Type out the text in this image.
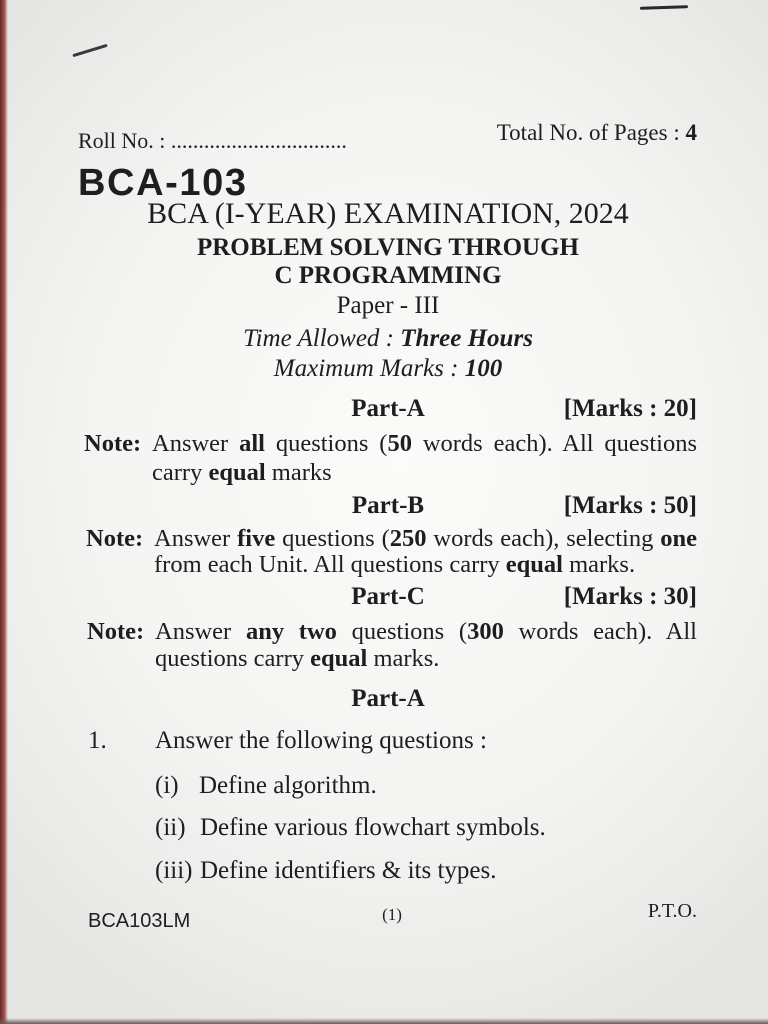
Roll No. : ................................	Total No. of Pages : 4
BCA-103
BCA (I-YEAR) EXAMINATION, 2024
PROBLEM SOLVING THROUGH
C PROGRAMMING
Paper - III
Time Allowed : Three Hours
Maximum Marks : 100
Part-A	[Marks : 20]
Note: Answer all questions (50 words each). All questions
carry equal marks
Part-B	[Marks : 50]
Note: Answer five questions (250 words each), selecting one
from each Unit. All questions carry equal marks.
Part-C	[Marks : 30]
Note: Answer any two questions (300 words each). All
questions carry equal marks.
Part-A
1. Answer the following questions :
(i) Define algorithm.
(ii) Define various flowchart symbols.
(iii) Define identifiers & its types.
BCA103LM	(1)	P.T.O.
